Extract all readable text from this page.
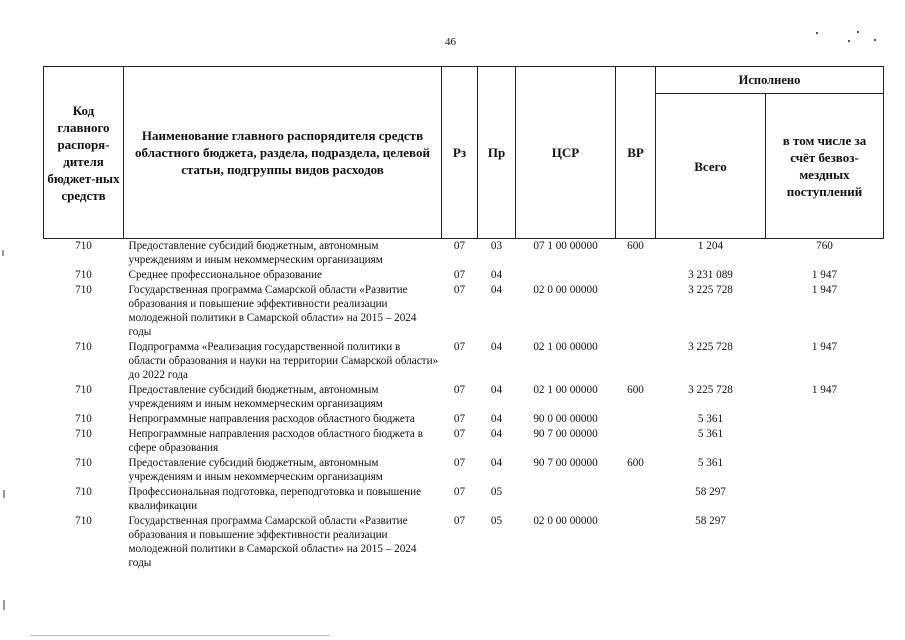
46
Код главного распоря-дителя бюджет-ных средств	Наименование главного распорядителя средств областного бюджета, раздела, подраздела, целевой статьи, подгруппы видов расходов	Рз	Пр	ЦСР	ВР	Исполнено	
						Всего	в том числе за счёт безвоз-мездных поступлений
710	Предоставление субсидий бюджетным, автономным учреждениям и иным некоммерческим организациям	07	03	07 1 00 00000	600	1 204	760
710	Среднее профессиональное образование	07	04			3 231 089	1 947
710	Государственная программа Самарской области «Развитие образования и повышение эффективности реализации молодежной политики в Самарской области» на 2015 – 2024 годы	07	04	02 0 00 00000		3 225 728	1 947
710	Подпрограмма «Реализация государственной политики в области образования и науки на территории Самарской области» до 2022 года	07	04	02 1 00 00000		3 225 728	1 947
710	Предоставление субсидий бюджетным, автономным учреждениям и иным некоммерческим организациям	07	04	02 1 00 00000	600	3 225 728	1 947
710	Непрограммные направления расходов областного бюджета	07	04	90 0 00 00000		5 361	
710	Непрограммные направления расходов областного бюджета в сфере образования	07	04	90 7 00 00000		5 361	
710	Предоставление субсидий бюджетным, автономным учреждениям и иным некоммерческим организациям	07	04	90 7 00 00000	600	5 361	
710	Профессиональная подготовка, переподготовка и повышение квалификации	07	05			58 297	
710	Государственная программа Самарской области «Развитие образования и повышение эффективности реализации молодежной политики в Самарской области» на 2015 – 2024 годы	07	05	02 0 00 00000		58 297	
